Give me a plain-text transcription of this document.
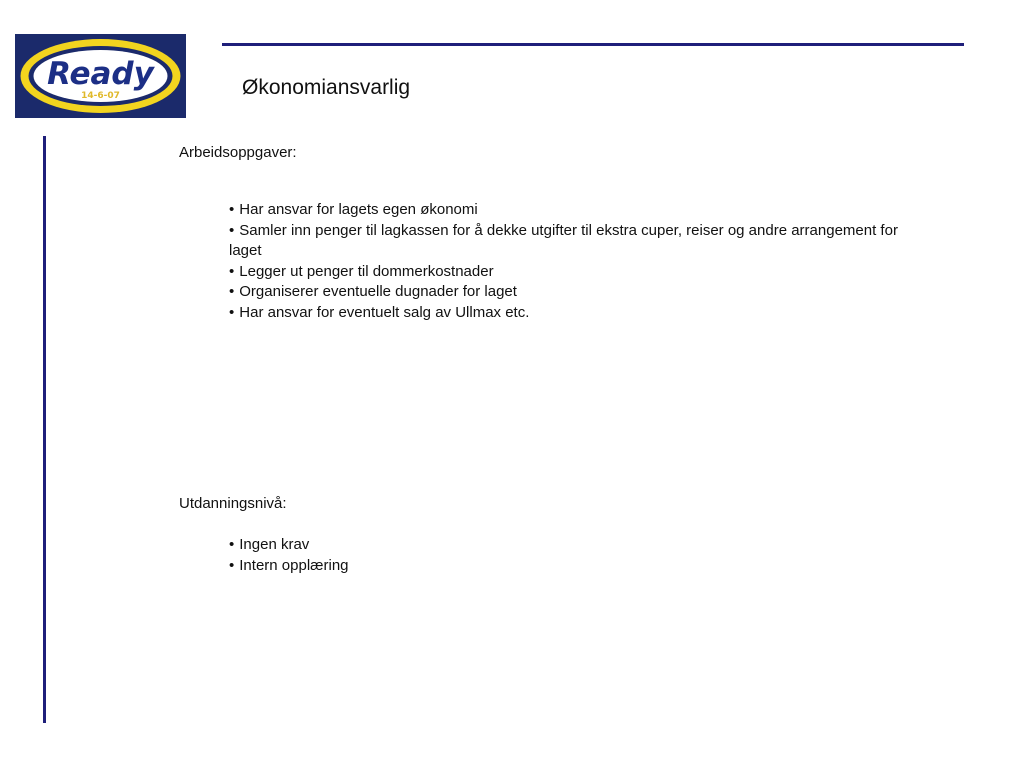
Ready
14-6-07	Økonomiansvarlig
Arbeidsoppgaver:
• Har ansvar for lagets egen økonomi
• Samler inn penger til lagkassen for å dekke utgifter til ekstra cuper, reiser og andre arrangement for laget
• Legger ut penger til dommerkostnader
• Organiserer eventuelle dugnader for laget
• Har ansvar for eventuelt salg av Ullmax etc.
Utdanningsnivå:
• Ingen krav
• Intern opplæring
